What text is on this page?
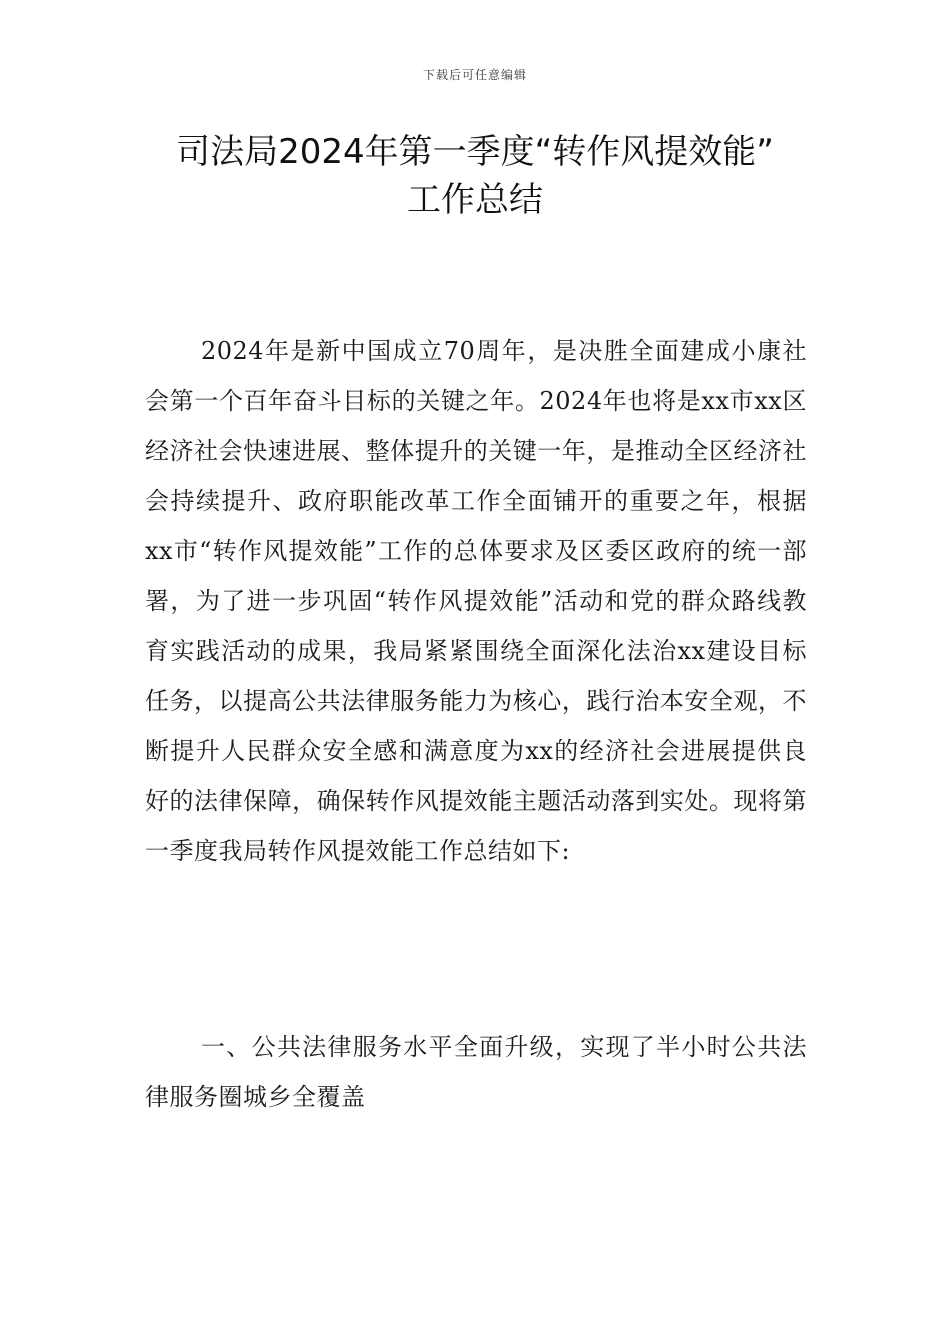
下载后可任意编辑
司法局2024年第一季度“转作风提效能”
工作总结

2024年是新中国成立70周年，是决胜全面建成小康社会第一个百年奋斗目标的关键之年。2024年也将是xx市xx区经济社会快速进展、整体提升的关键一年，是推动全区经济社会持续提升、政府职能改革工作全面铺开的重要之年，根据xx市“转作风提效能”工作的总体要求及区委区政府的统一部署，为了进一步巩固“转作风提效能”活动和党的群众路线教育实践活动的成果，我局紧紧围绕全面深化法治xx建设目标任务，以提高公共法律服务能力为核心，践行治本安全观，不断提升人民群众安全感和满意度为xx的经济社会进展提供良好的法律保障，确保转作风提效能主题活动落到实处。现将第一季度我局转作风提效能工作总结如下:

一、公共法律服务水平全面升级，实现了半小时公共法律服务圈城乡全覆盖
